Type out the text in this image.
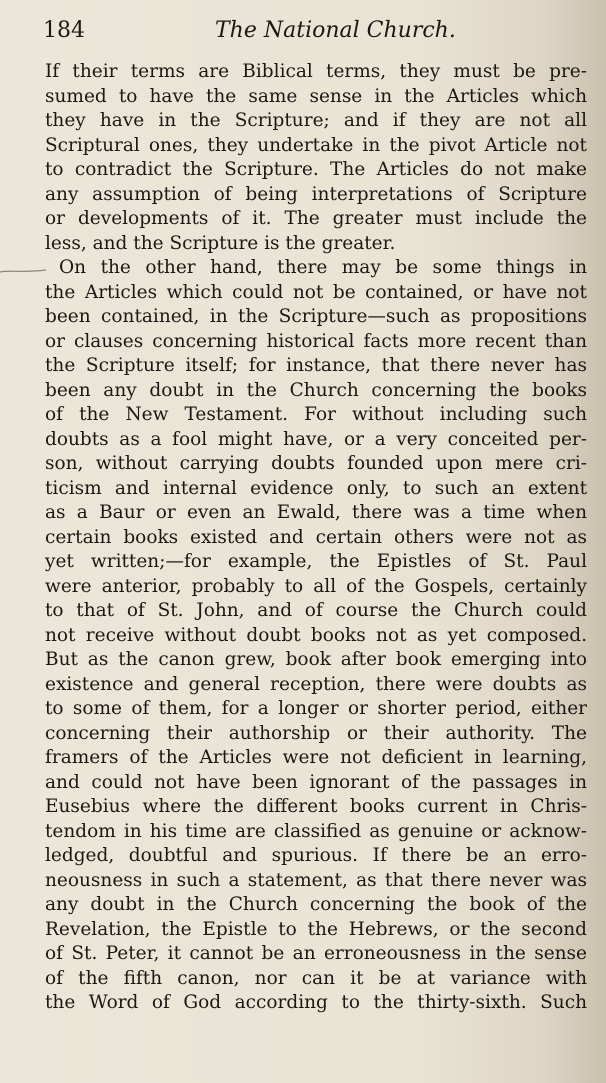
184	The National Church.
If their terms are Biblical terms, they must be pre-
sumed to have the same sense in the Articles which
they have in the Scripture; and if they are not all
Scriptural ones, they undertake in the pivot Article not
to contradict the Scripture. The Articles do not make
any assumption of being interpretations of Scripture
or developments of it. The greater must include the
less, and the Scripture is the greater.
On the other hand, there may be some things in
the Articles which could not be contained, or have not
been contained, in the Scripture—such as propositions
or clauses concerning historical facts more recent than
the Scripture itself; for instance, that there never has
been any doubt in the Church concerning the books
of the New Testament. For without including such
doubts as a fool might have, or a very conceited per-
son, without carrying doubts founded upon mere cri-
ticism and internal evidence only, to such an extent
as a Baur or even an Ewald, there was a time when
certain books existed and certain others were not as
yet written;—for example, the Epistles of St. Paul
were anterior, probably to all of the Gospels, certainly
to that of St. John, and of course the Church could
not receive without doubt books not as yet composed.
But as the canon grew, book after book emerging into
existence and general reception, there were doubts as
to some of them, for a longer or shorter period, either
concerning their authorship or their authority. The
framers of the Articles were not deficient in learning,
and could not have been ignorant of the passages in
Eusebius where the different books current in Chris-
tendom in his time are classified as genuine or acknow-
ledged, doubtful and spurious. If there be an erro-
neousness in such a statement, as that there never was
any doubt in the Church concerning the book of the
Revelation, the Epistle to the Hebrews, or the second
of St. Peter, it cannot be an erroneousness in the sense
of the fifth canon, nor can it be at variance with
the Word of God according to the thirty-sixth. Such
